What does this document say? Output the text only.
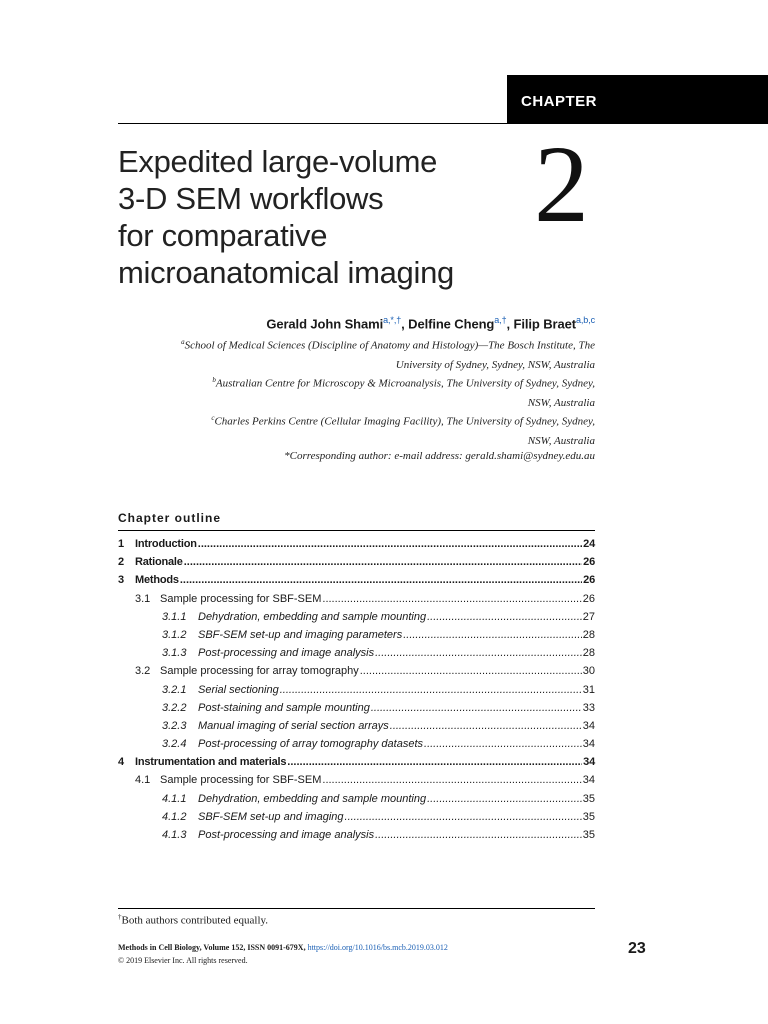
CHAPTER
Expedited large-volume
3-D SEM workflows
for comparative
microanatomical imaging
2
Gerald John Shami$^{a,*,\dagger}$, Delfine Cheng$^{a,\dagger}$, Filip Braet$^{a,b,c}$
$^a$School of Medical Sciences (Discipline of Anatomy and Histology)—The Bosch Institute, The
University of Sydney, Sydney, NSW, Australia
$^b$Australian Centre for Microscopy & Microanalysis, The University of Sydney, Sydney,
NSW, Australia
$^c$Charles Perkins Centre (Cellular Imaging Facility), The University of Sydney, Sydney,
NSW, Australia
*Corresponding author: e-mail address: gerald.shami@sydney.edu.au
Chapter outline
1	Introduction .....	24
2	Rationale .....	26
3	Methods .....	26
3.1 Sample processing for SBF-SEM .....	26
3.1.1	Dehydration, embedding and sample mounting .....	27
3.1.2	SBF-SEM set-up and imaging parameters .....	28
3.1.3	Post-processing and image analysis .....	28
3.2 Sample processing for array tomography .....	30
3.2.1	Serial sectioning .....	31
3.2.2	Post-staining and sample mounting .....	33
3.2.3	Manual imaging of serial section arrays .....	34
3.2.4	Post-processing of array tomography datasets .....	34
4	Instrumentation and materials .....	34
4.1 Sample processing for SBF-SEM .....	34
4.1.1	Dehydration, embedding and sample mounting .....	35
4.1.2	SBF-SEM set-up and imaging .....	35
4.1.3	Post-processing and image analysis .....	35
†Both authors contributed equally.
Methods in Cell Biology, Volume 152, ISSN 0091-679X, https://doi.org/10.1016/bs.mcb.2019.03.012
© 2019 Elsevier Inc. All rights reserved.
23
